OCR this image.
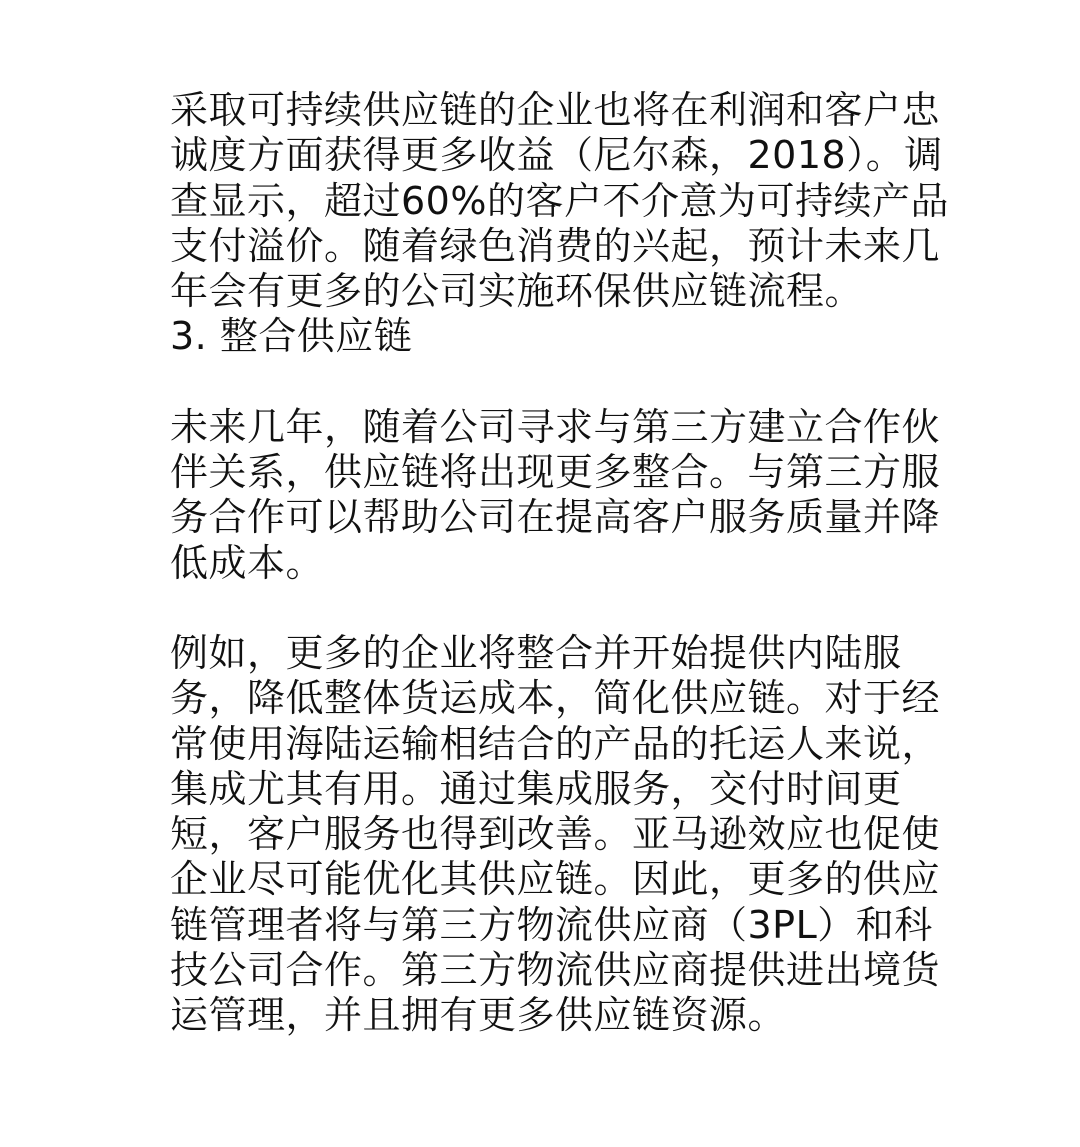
采取可持续供应链的企业也将在利润和客户忠诚度方面获得更多收益（尼尔森，2018）。调查显示，超过60%的客户不介意为可持续产品支付溢价。随着绿色消费的兴起，预计未来几年会有更多的公司实施环保供应链流程。

3. 整合供应链

未来几年，随着公司寻求与第三方建立合作伙伴关系，供应链将出现更多整合。与第三方服务合作可以帮助公司在提高客户服务质量并降低成本。

例如，更多的企业将整合并开始提供内陆服务，降低整体货运成本，简化供应链。对于经常使用海陆运输相结合的产品的托运人来说，集成尤其有用。通过集成服务，交付时间更短，客户服务也得到改善。亚马逊效应也促使企业尽可能优化其供应链。因此，更多的供应链管理者将与第三方物流供应商（3PL）和科技公司合作。第三方物流供应商提供进出境货运管理，并且拥有更多供应链资源。
